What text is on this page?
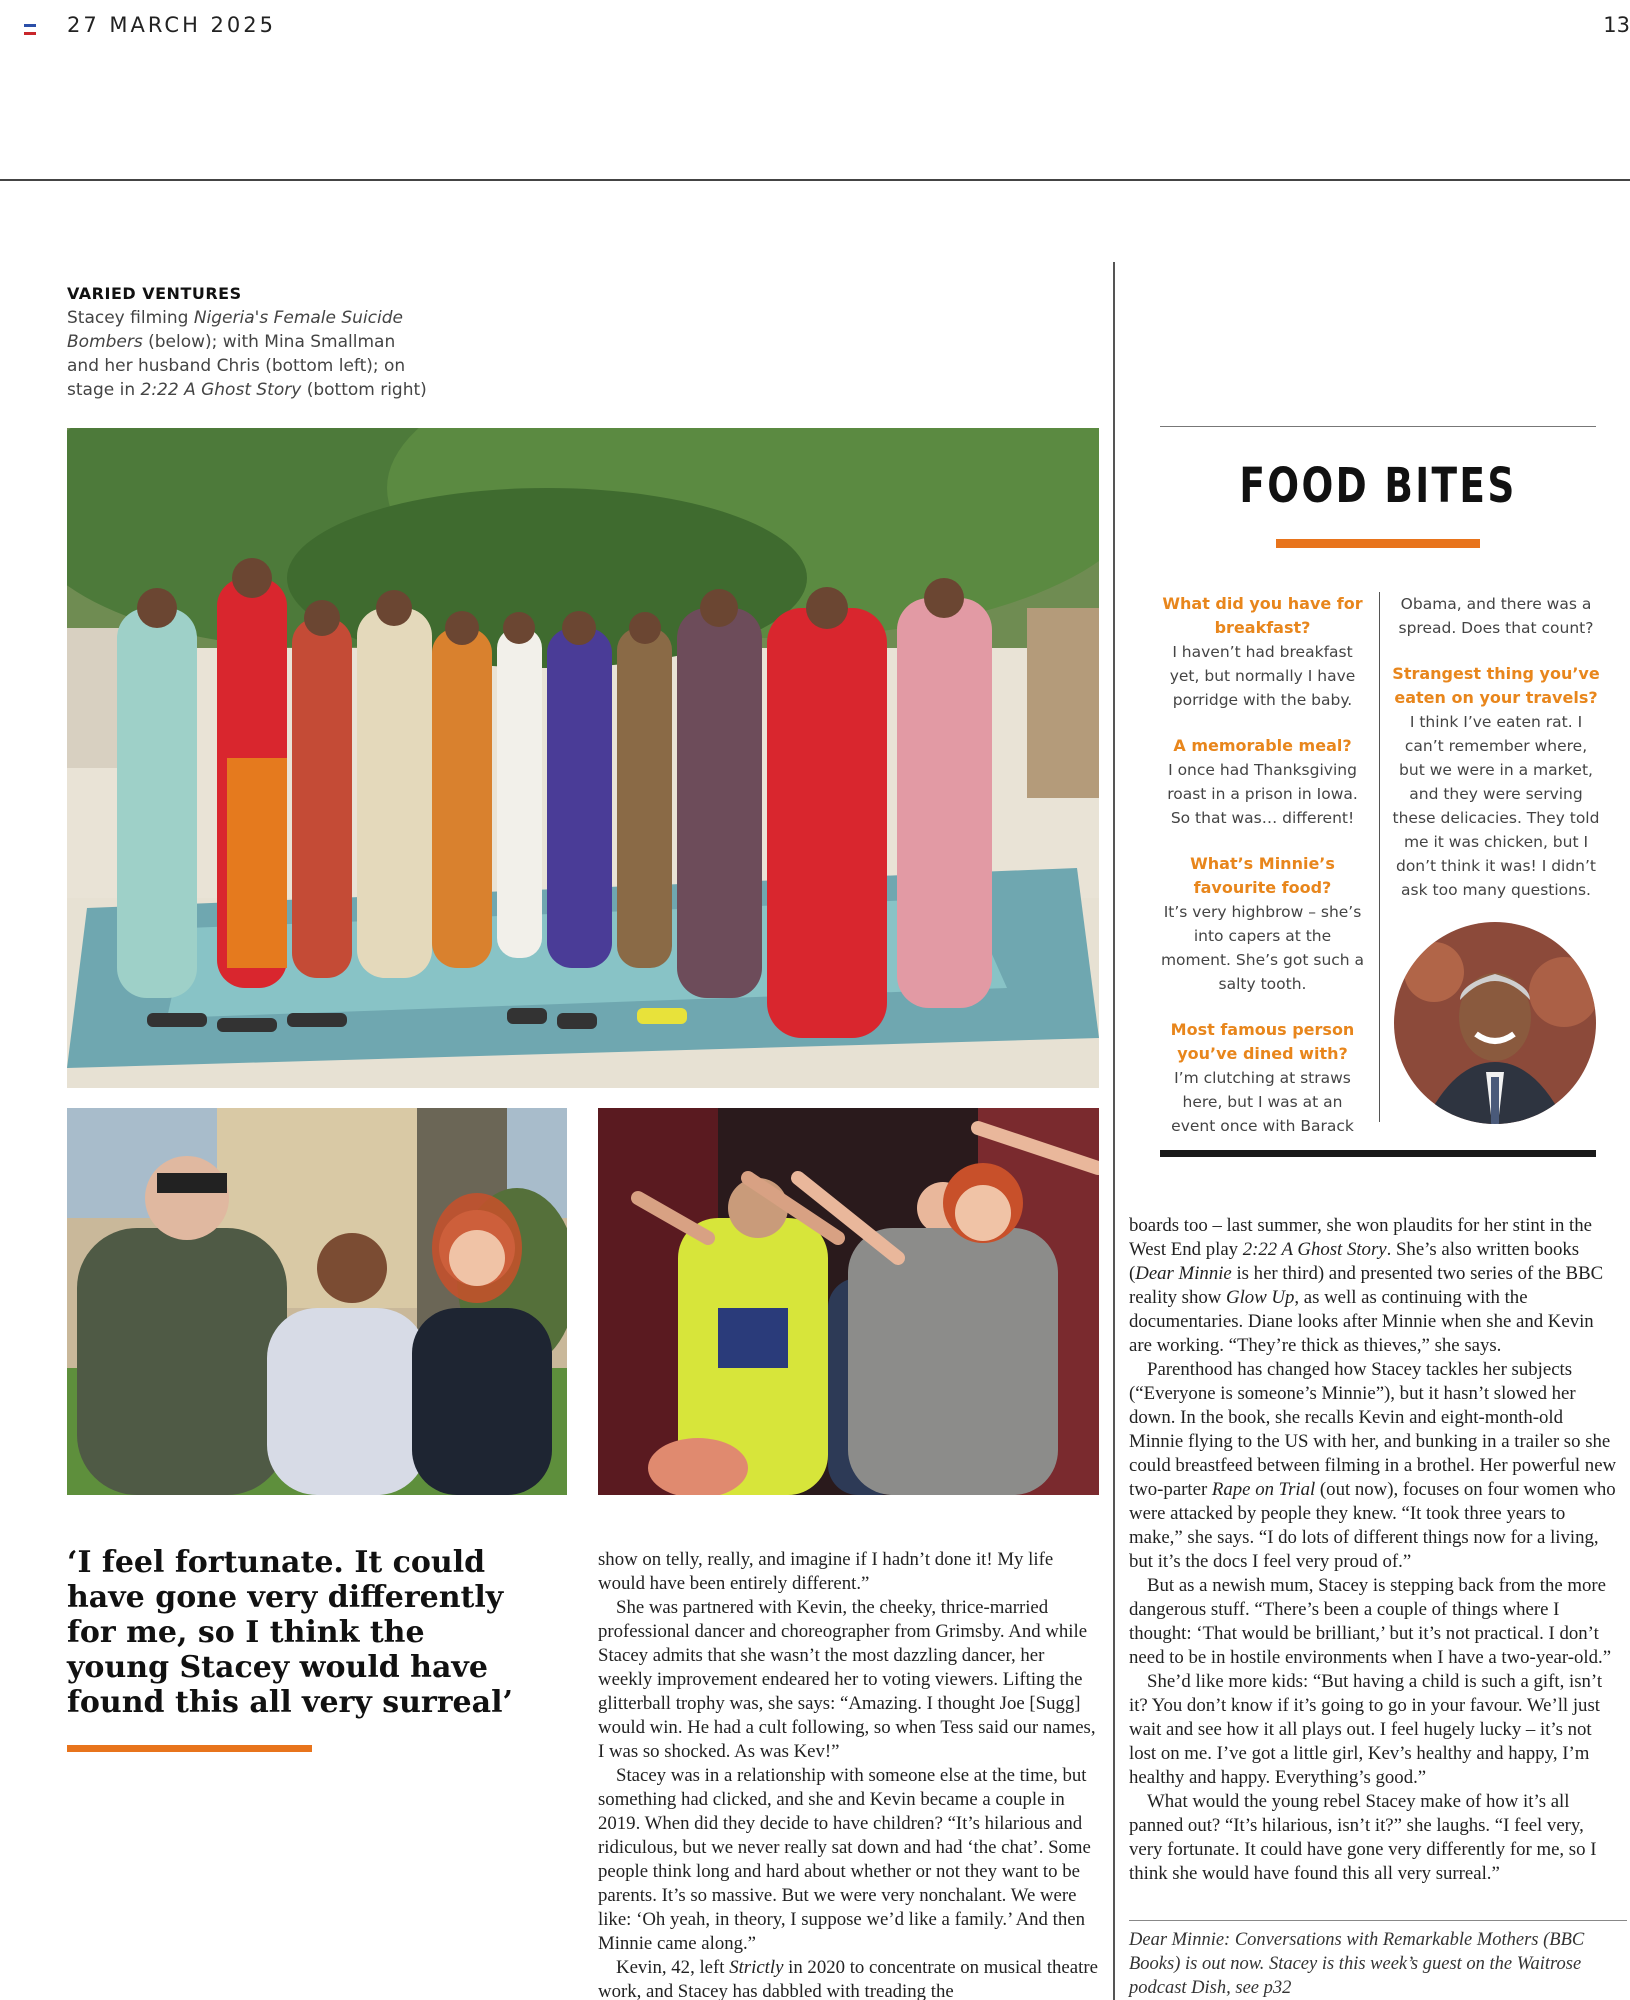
27 MARCH 2025	13
VARIED VENTURES
Stacey filming Nigeria's Female Suicide Bombers (below); with Mina Smallman and her husband Chris (bottom left); on stage in 2:22 A Ghost Story (bottom right)
‘I feel fortunate. It could have gone very differently for me, so I think the young Stacey would have found this all very surreal’

show on telly, really, and imagine if I hadn’t done it! My life would have been entirely different.”

She was partnered with Kevin, the cheeky, thrice-married professional dancer and choreographer from Grimsby. And while Stacey admits that she wasn’t the most dazzling dancer, her weekly improvement endeared her to voting viewers. Lifting the glitterball trophy was, she says: “Amazing. I thought Joe [Sugg] would win. He had a cult following, so when Tess said our names, I was so shocked. As was Kev!”

Stacey was in a relationship with someone else at the time, but something had clicked, and she and Kevin became a couple in 2019. When did they decide to have children? “It’s hilarious and ridiculous, but we never really sat down and had ‘the chat’. Some people think long and hard about whether or not they want to be parents. It’s so massive. But we were very nonchalant. We were like: ‘Oh yeah, in theory, I suppose we’d like a family.’ And then Minnie came along.”

Kevin, 42, left Strictly in 2020 to concentrate on musical theatre work, and Stacey has dabbled with treading the

boards too – last summer, she won plaudits for her stint in the West End play 2:22 A Ghost Story. She’s also written books (Dear Minnie is her third) and presented two series of the BBC reality show Glow Up, as well as continuing with the documentaries. Diane looks after Minnie when she and Kevin are working. “They’re thick as thieves,” she says.

Parenthood has changed how Stacey tackles her subjects (“Everyone is someone’s Minnie”), but it hasn’t slowed her down. In the book, she recalls Kevin and eight-month-old Minnie flying to the US with her, and bunking in a trailer so she could breastfeed between filming in a brothel. Her powerful new two-parter Rape on Trial (out now), focuses on four women who were attacked by people they knew. “It took three years to make,” she says. “I do lots of different things now for a living, but it’s the docs I feel very proud of.”

But as a newish mum, Stacey is stepping back from the more dangerous stuff. “There’s been a couple of things where I thought: ‘That would be brilliant,’ but it’s not practical. I don’t need to be in hostile environments when I have a two-year-old.”

She’d like more kids: “But having a child is such a gift, isn’t it? You don’t know if it’s going to go in your favour. We’ll just wait and see how it all plays out. I feel hugely lucky – it’s not lost on me. I’ve got a little girl, Kev’s healthy and happy, I’m healthy and happy. Everything’s good.”

What would the young rebel Stacey make of how it’s all panned out? “It’s hilarious, isn’t it?” she laughs. “I feel very, very fortunate. It could have gone very differently for me, so I think she would have found this all very surreal.”

Dear Minnie: Conversations with Remarkable Mothers (BBC Books) is out now. Stacey is this week’s guest on the Waitrose podcast Dish, see p32
FOOD BITES
What did you have for breakfast?
I haven’t had breakfast yet, but normally I have porridge with the baby.
A memorable meal?
I once had Thanksgiving roast in a prison in Iowa. So that was… different!
What’s Minnie’s favourite food?
It’s very highbrow – she’s into capers at the moment. She’s got such a salty tooth.
Most famous person you’ve dined with?
I’m clutching at straws here, but I was at an event once with Barack
Obama, and there was a spread. Does that count?
Strangest thing you’ve eaten on your travels?
I think I’ve eaten rat. I can’t remember where, but we were in a market, and they were serving these delicacies. They told me it was chicken, but I don’t think it was! I didn’t ask too many questions.
